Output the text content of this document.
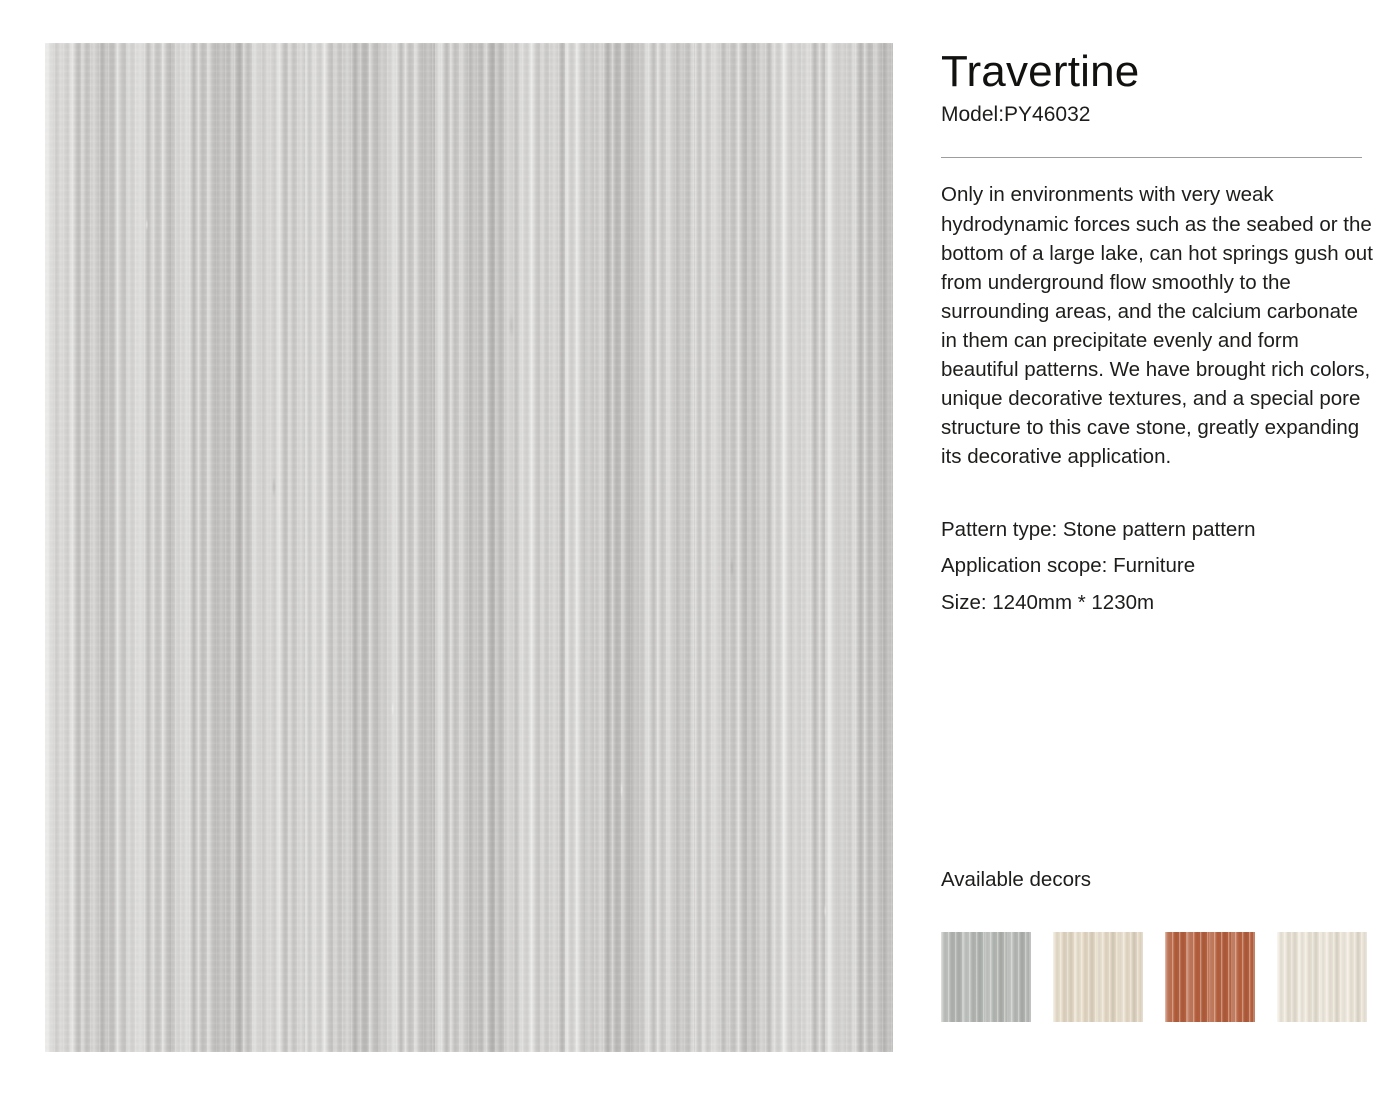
Travertine

Model:PY46032

Only in environments with very weak hydrodynamic forces such as the seabed or the bottom of a large lake, can hot springs gush out from underground flow smoothly to the surrounding areas, and the calcium carbonate in them can precipitate evenly and form beautiful patterns. We have brought rich colors, unique decorative textures, and a special pore structure to this cave stone, greatly expanding its decorative application.

Pattern type: Stone pattern pattern
Application scope: Furniture
Size: 1240mm * 1230m
Available decors
